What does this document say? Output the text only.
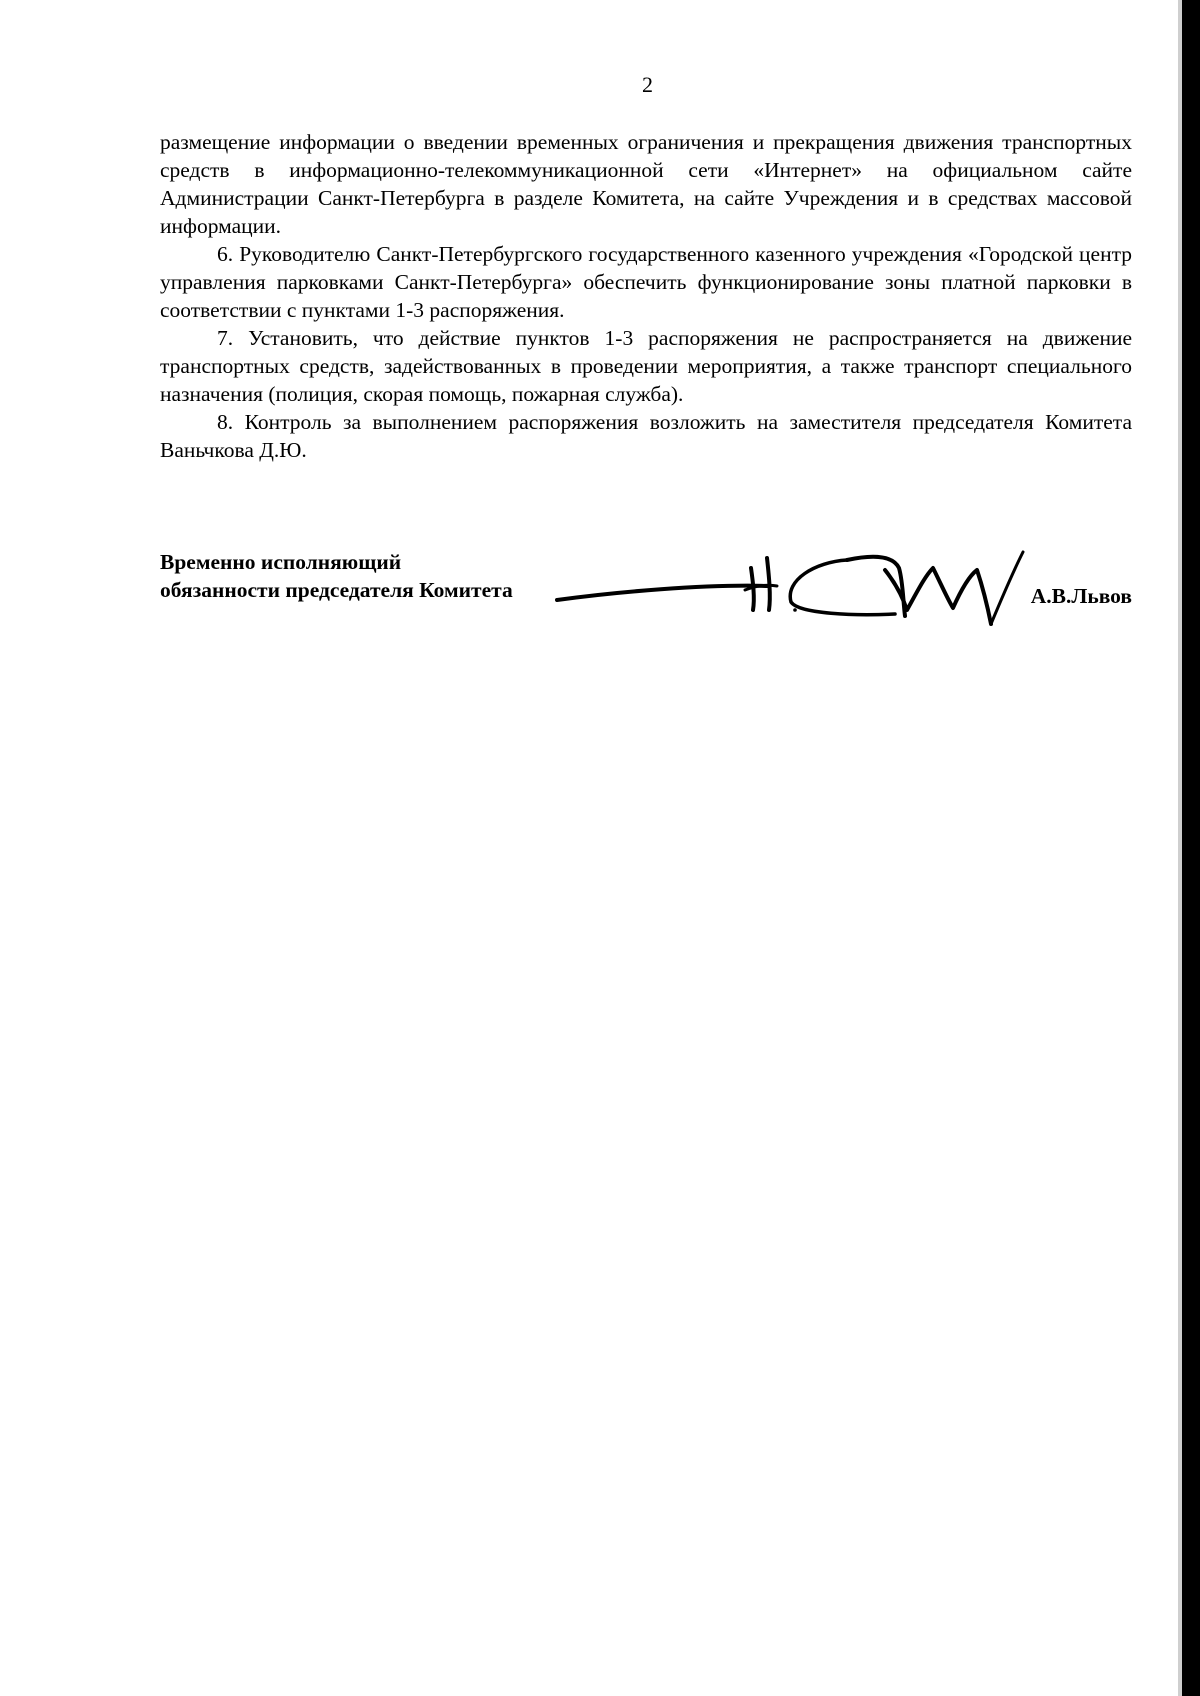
2

размещение информации о введении временных ограничения и прекращения движения транспортных средств в информационно-телекоммуникационной сети «Интернет» на официальном сайте Администрации Санкт-Петербурга в разделе Комитета, на сайте Учреждения и в средствах массовой информации.

6. Руководителю Санкт-Петербургского государственного казенного учреждения «Городской центр управления парковками Санкт-Петербурга» обеспечить функционирование зоны платной парковки в соответствии с пунктами 1-3 распоряжения.

7. Установить, что действие пунктов 1-3 распоряжения не распространяется на движение транспортных средств, задействованных в проведении мероприятия, а также транспорт специального назначения (полиция, скорая помощь, пожарная служба).

8. Контроль за выполнением распоряжения возложить на заместителя председателя Комитета Ваньчкова Д.Ю.

Временно исполняющий
обязанности председателя Комитета	А.В.Львов
